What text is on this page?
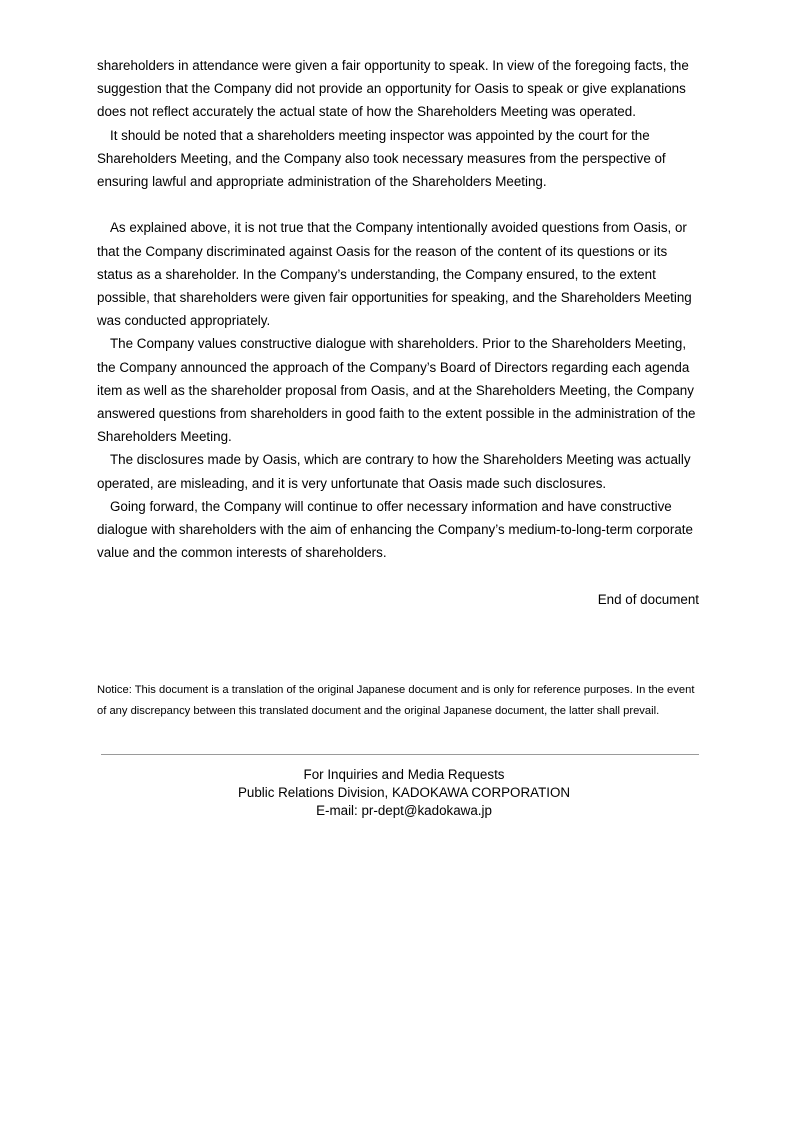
shareholders in attendance were given a fair opportunity to speak. In view of the foregoing facts, the suggestion that the Company did not provide an opportunity for Oasis to speak or give explanations does not reflect accurately the actual state of how the Shareholders Meeting was operated.

It should be noted that a shareholders meeting inspector was appointed by the court for the Shareholders Meeting, and the Company also took necessary measures from the perspective of ensuring lawful and appropriate administration of the Shareholders Meeting.

As explained above, it is not true that the Company intentionally avoided questions from Oasis, or that the Company discriminated against Oasis for the reason of the content of its questions or its status as a shareholder. In the Company’s understanding, the Company ensured, to the extent possible, that shareholders were given fair opportunities for speaking, and the Shareholders Meeting was conducted appropriately.

The Company values constructive dialogue with shareholders. Prior to the Shareholders Meeting, the Company announced the approach of the Company’s Board of Directors regarding each agenda item as well as the shareholder proposal from Oasis, and at the Shareholders Meeting, the Company answered questions from shareholders in good faith to the extent possible in the administration of the Shareholders Meeting.

The disclosures made by Oasis, which are contrary to how the Shareholders Meeting was actually operated, are misleading, and it is very unfortunate that Oasis made such disclosures.

Going forward, the Company will continue to offer necessary information and have constructive dialogue with shareholders with the aim of enhancing the Company’s medium-to-long-term corporate value and the common interests of shareholders.

End of document

Notice: This document is a translation of the original Japanese document and is only for reference purposes. In the event of any discrepancy between this translated document and the original Japanese document, the latter shall prevail.

For Inquiries and Media Requests
Public Relations Division, KADOKAWA CORPORATION
E-mail: pr-dept@kadokawa.jp
